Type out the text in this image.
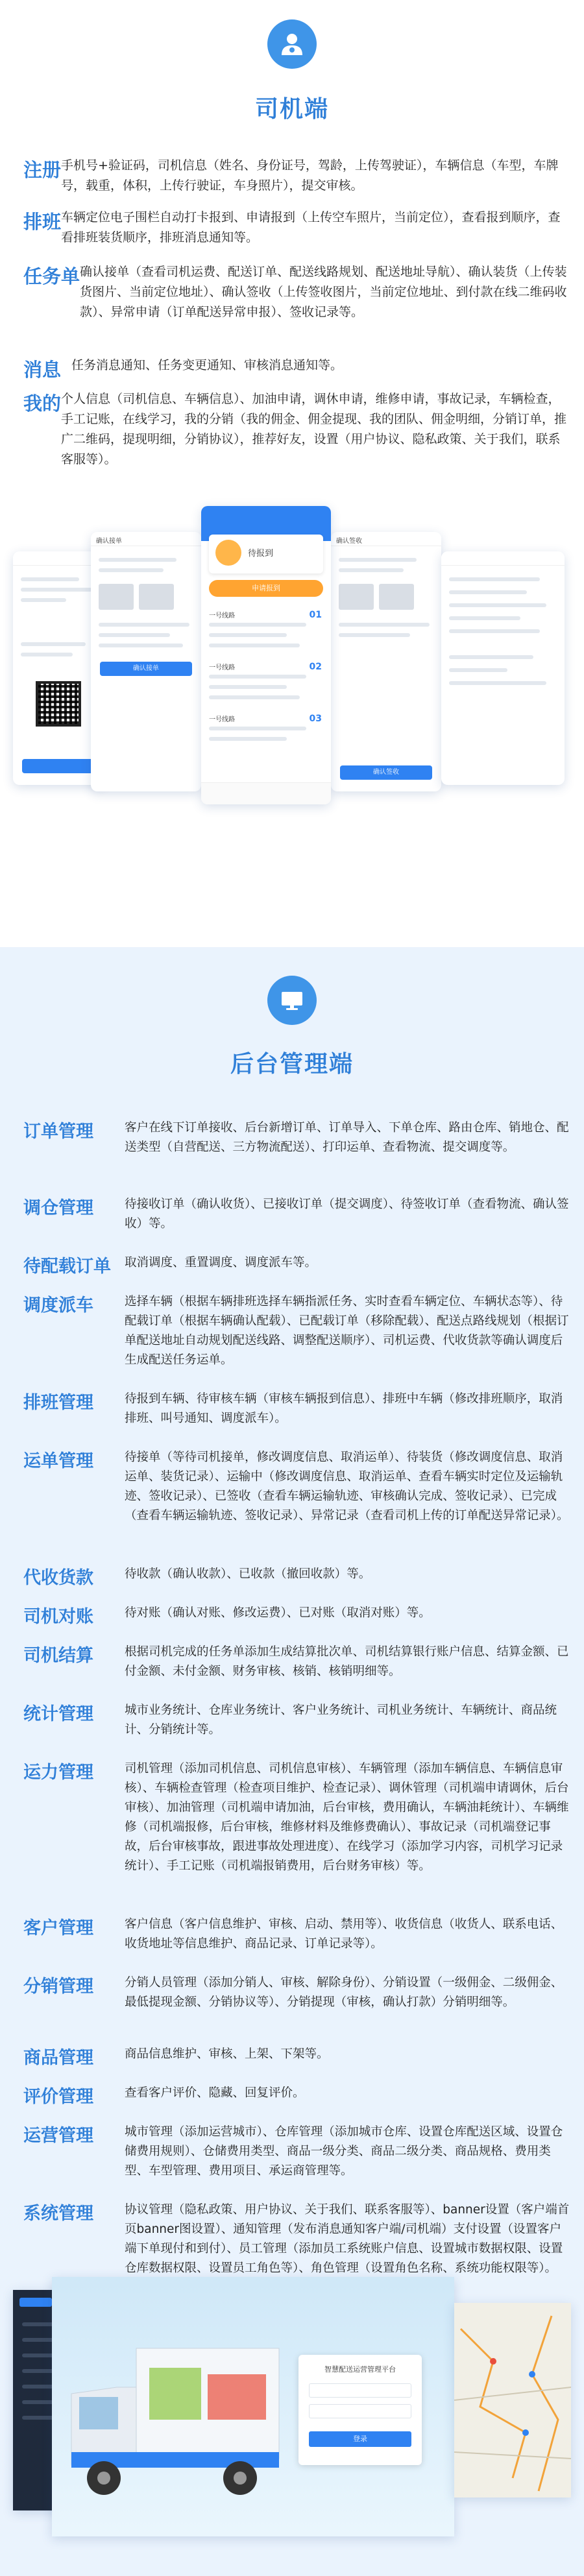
司机端
注册 手机号+验证码，司机信息（姓名、身份证号，驾龄，上传驾驶证），车辆信息（车型，车牌号，载重，体积，上传行驶证，车身照片），提交审核。
排班 车辆定位电子围栏自动打卡报到、申请报到（上传空车照片，当前定位），查看报到顺序，查看排班装货顺序，排班消息通知等。
任务单 确认接单（查看司机运费、配送订单、配送线路规划、配送地址导航）、确认装货（上传装货图片、当前定位地址）、确认签收（上传签收图片，当前定位地址、到付款在线二维码收款）、异常申请（订单配送异常申报）、签收记录等。
消息 任务消息通知、任务变更通知、审核消息通知等。
我的 个人信息（司机信息、车辆信息）、加油申请，调休申请，维修申请，事故记录，车辆检查，手工记账，在线学习，我的分销（我的佣金、佣金提现、我的团队、佣金明细，分销订单，推广二维码，提现明细，分销协议），推荐好友，设置（用户协议、隐私政策、关于我们，联系客服等）。
确认接单
确认接单
待报到
申请报到
一号线路	01
一号线路	02
一号线路	03
确认签收
确认签收
后台管理端
订单管理	客户在线下订单接收、后台新增订单、订单导入、下单仓库、路由仓库、销地仓、配送类型（自营配送、三方物流配送）、打印运单、查看物流、提交调度等。
调仓管理	待接收订单（确认收货）、已接收订单（提交调度）、待签收订单（查看物流、确认签收）等。
待配载订单 取消调度、重置调度、调度派车等。
调度派车	选择车辆（根据车辆排班选择车辆指派任务、实时查看车辆定位、车辆状态等）、待配载订单（根据车辆确认配载）、已配载订单（移除配载）、配送点路线规划（根据订单配送地址自动规划配送线路、调整配送顺序）、司机运费、代收货款等确认调度后生成配送任务运单。
排班管理	待报到车辆、待审核车辆（审核车辆报到信息）、排班中车辆（修改排班顺序，取消排班、叫号通知、调度派车）。
运单管理	待接单（等待司机接单，修改调度信息、取消运单）、待装货（修改调度信息、取消运单、装货记录）、运输中（修改调度信息、取消运单、查看车辆实时定位及运输轨迹、签收记录）、已签收（查看车辆运输轨迹、审核确认完成、签收记录）、已完成（查看车辆运输轨迹、签收记录）、异常记录（查看司机上传的订单配送异常记录）。
代收货款	待收款（确认收款）、已收款（撤回收款）等。
司机对账	待对账（确认对账、修改运费）、已对账（取消对账）等。
司机结算	根据司机完成的任务单添加生成结算批次单、司机结算银行账户信息、结算金额、已付金额、未付金额、财务审核、核销、核销明细等。
统计管理	城市业务统计、仓库业务统计、客户业务统计、司机业务统计、车辆统计、商品统计、分销统计等。
运力管理	司机管理（添加司机信息、司机信息审核）、车辆管理（添加车辆信息、车辆信息审核）、车辆检查管理（检查项目维护、检查记录）、调休管理（司机端申请调休，后台审核）、加油管理（司机端申请加油，后台审核，费用确认，车辆油耗统计）、车辆维修（司机端报修，后台审核，维修材料及维修费确认）、事故记录（司机端登记事故，后台审核事故，跟进事故处理进度）、在线学习（添加学习内容，司机学习记录统计）、手工记账（司机端报销费用，后台财务审核）等。
客户管理	客户信息（客户信息维护、审核、启动、禁用等）、收货信息（收货人、联系电话、收货地址等信息维护、商品记录、订单记录等）。
分销管理	分销人员管理（添加分销人、审核、解除身份）、分销设置（一级佣金、二级佣金、最低提现金额、分销协议等）、分销提现（审核，确认打款）分销明细等。
商品管理	商品信息维护、审核、上架、下架等。
评价管理	查看客户评价、隐藏、回复评价。
运营管理	城市管理（添加运营城市）、仓库管理（添加城市仓库、设置仓库配送区域、设置仓储费用规则）、仓储费用类型、商品一级分类、商品二级分类、商品规格、费用类型、车型管理、费用项目、承运商管理等。
系统管理	协议管理（隐私政策、用户协议、关于我们、联系客服等）、banner设置（客户端首页banner图设置）、通知管理（发布消息通知客户端/司机端）支付设置（设置客户端下单现付和到付）、员工管理（添加员工系统账户信息、设置城市数据权限、设置仓库数据权限、设置员工角色等）、角色管理（设置角色名称、系统功能权限等）。
智慧配送运营管理平台
登录
